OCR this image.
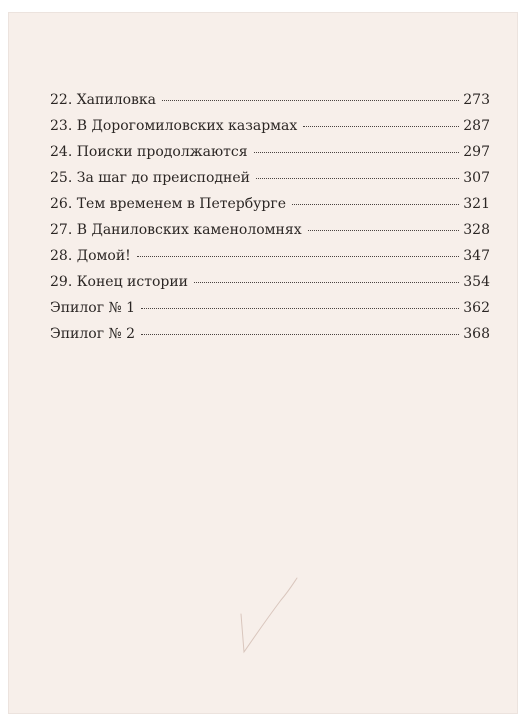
22. Хапиловка	273
23. В Дорогомиловских казармах	287
24. Поиски продолжаются	297
25. За шаг до преисподней	307
26. Тем временем в Петербурге	321
27. В Даниловских каменоломнях	328
28. Домой!	347
29. Конец истории	354
Эпилог № 1	362
Эпилог № 2	368
